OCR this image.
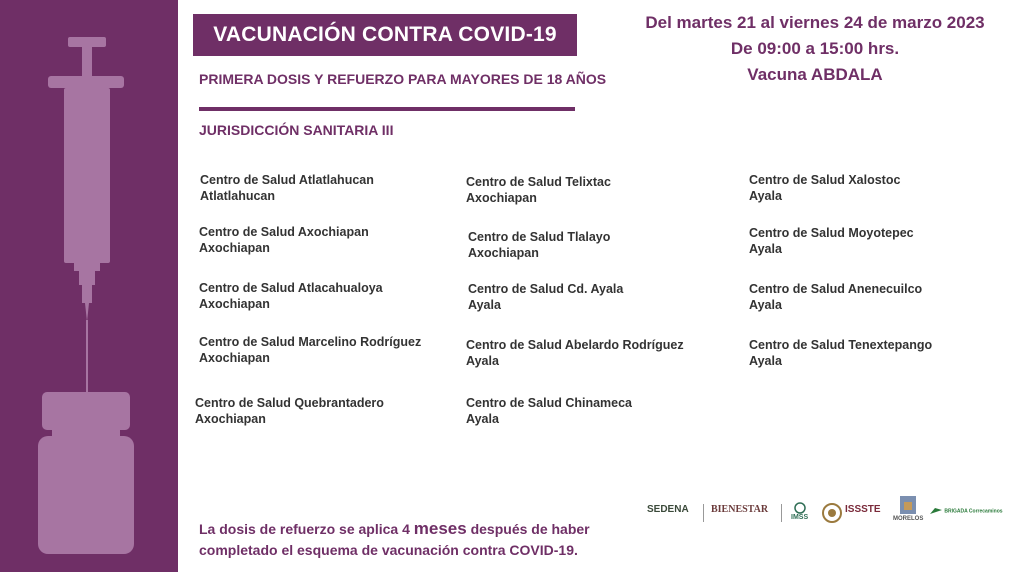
VACUNACIÓN CONTRA COVID-19
PRIMERA DOSIS Y REFUERZO PARA MAYORES DE 18 AÑOS
JURISDICCIÓN SANITARIA III
Del martes 21 al viernes 24 de marzo 2023
De 09:00 a 15:00 hrs.
Vacuna ABDALA
Centro de Salud Atlatlahucan
Atlatlahucan
Centro de Salud Axochiapan
Axochiapan
Centro de Salud Atlacahualoya
Axochiapan
Centro de Salud Marcelino Rodríguez
Axochiapan
Centro de Salud Quebrantadero
Axochiapan
Centro de Salud Telixtac
Axochiapan
Centro de Salud Tlalayo
Axochiapan
Centro de Salud Cd. Ayala
Ayala
Centro de Salud Abelardo Rodríguez
Ayala
Centro de Salud Chinameca
Ayala
Centro de Salud Xalostoc
Ayala
Centro de Salud Moyotepec
Ayala
Centro de Salud Anenecuilco
Ayala
Centro de Salud Tenextepango
Ayala
La dosis de refuerzo se aplica 4 meses después de haber completado el esquema de vacunación contra COVID-19.
SEDENA BIENESTAR
IMSS
ISSSTE
MORELOS
BRIGADA Correcaminos
